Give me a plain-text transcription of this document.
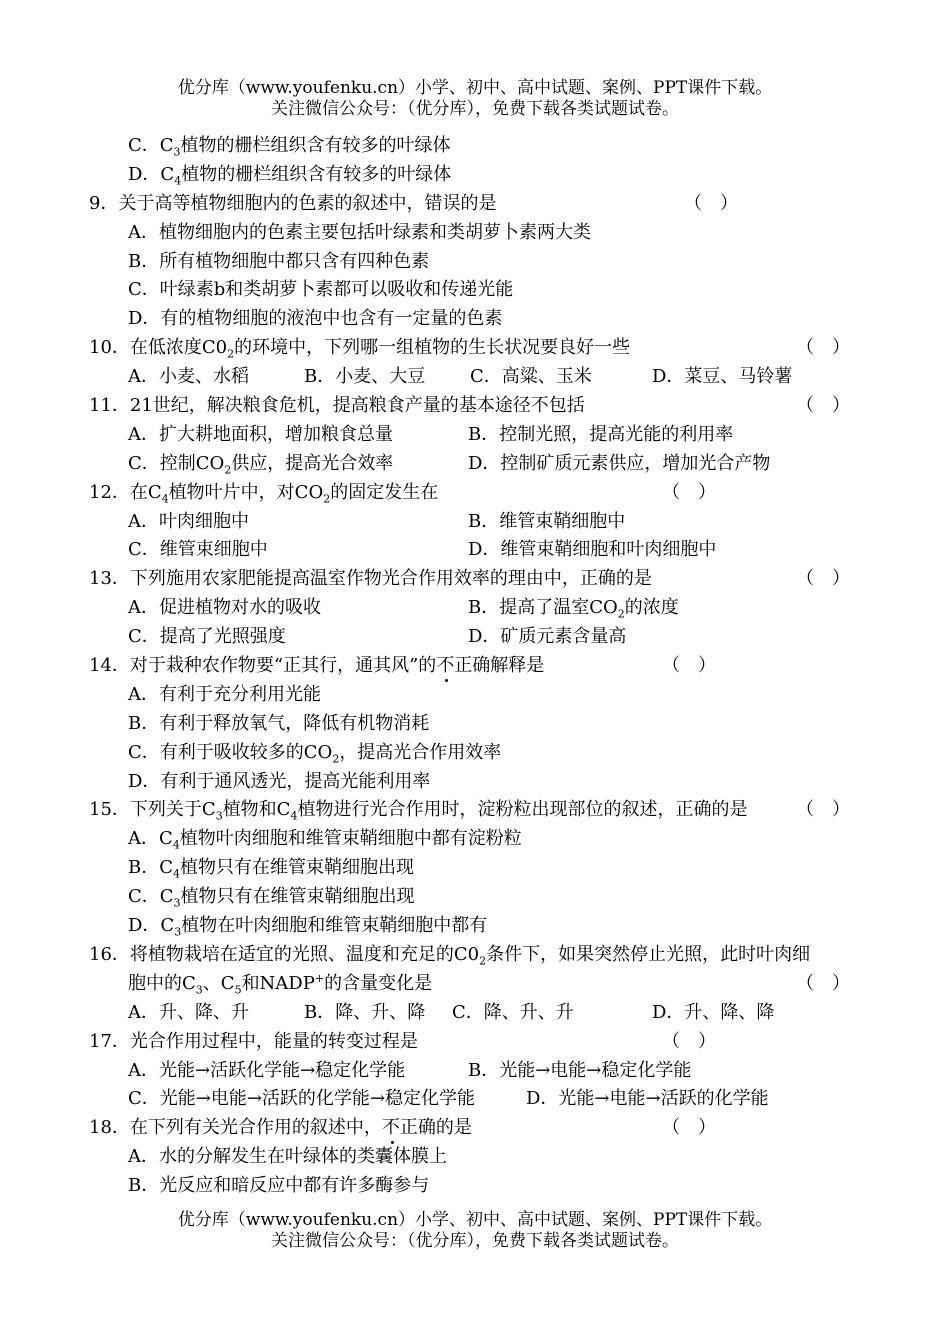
优分库（www.youfenku.cn）小学、初中、高中试题、案例、PPT课件下载。
关注微信公众号：（优分库），免费下载各类试题试卷。
C．$C_3$植物的栅栏组织含有较多的叶绿体
D．$C_4$植物的栅栏组织含有较多的叶绿体
9．关于高等植物细胞内的色素的叙述中，错误的是	（　）
A．植物细胞内的色素主要包括叶绿素和类胡萝卜素两大类
B．所有植物细胞中都只含有四种色素
C．叶绿素b和类胡萝卜素都可以吸收和传递光能
D．有的植物细胞的液泡中也含有一定量的色素
10．在低浓度$C0_2$的环境中，下列哪一组植物的生长状况要良好一些	（　）
A．小麦、水稻	B．小麦、大豆 C．高粱、玉米	D．菜豆、马铃薯
11．21世纪，解决粮食危机，提高粮食产量的基本途径不包括	（　）
A．扩大耕地面积，增加粮食总量	B．控制光照，提高光能的利用率
C．控制$CO_2$供应，提高光合效率	D．控制矿质元素供应，增加光合产物
12．在$C_4$植物叶片中，对$CO_2$的固定发生在	（　）
A．叶肉细胞中	B．维管束鞘细胞中
C．维管束细胞中	D．维管束鞘细胞和叶肉细胞中
13．下列施用农家肥能提高温室作物光合作用效率的理由中，正确的是	（　）
A．促进植物对水的吸收	B．提高了温室$CO_2$的浓度
C．提高了光照强度	D．矿质元素含量高
14．对于栽种农作物要“正其行，通其风”的不正确解释是	（　）
A．有利于充分利用光能
B．有利于释放氧气，降低有机物消耗
C．有利于吸收较多的$CO_2$，提高光合作用效率
D．有利于通风透光，提高光能利用率
15．下列关于$C_3$植物和$C_4$植物进行光合作用时，淀粉粒出现部位的叙述，正确的是	（　）
A．$C_4$植物叶肉细胞和维管束鞘细胞中都有淀粉粒
B．$C_4$植物只有在维管束鞘细胞出现
C．$C_3$植物只有在维管束鞘细胞出现
D．$C_3$植物在叶肉细胞和维管束鞘细胞中都有
16．将植物栽培在适宜的光照、温度和充足的$C0_2$条件下，如果突然停止光照，此时叶肉细
胞中的$C_3$、$C_5$和NADP+的含量变化是	（　）
A．升、降、升	B．降、升、降 C．降、升、升	D．升、降、降
17．光合作用过程中，能量的转变过程是	（　）
A．光能→活跃化学能→稳定化学能	B．光能→电能→稳定化学能
C．光能→电能→活跃的化学能→稳定化学能	D．光能→电能→活跃的化学能
18．在下列有关光合作用的叙述中，不正确的是	（　）
A．水的分解发生在叶绿体的类囊体膜上
B．光反应和暗反应中都有许多酶参与
优分库（www.youfenku.cn）小学、初中、高中试题、案例、PPT课件下载。
关注微信公众号：（优分库），免费下载各类试题试卷。
